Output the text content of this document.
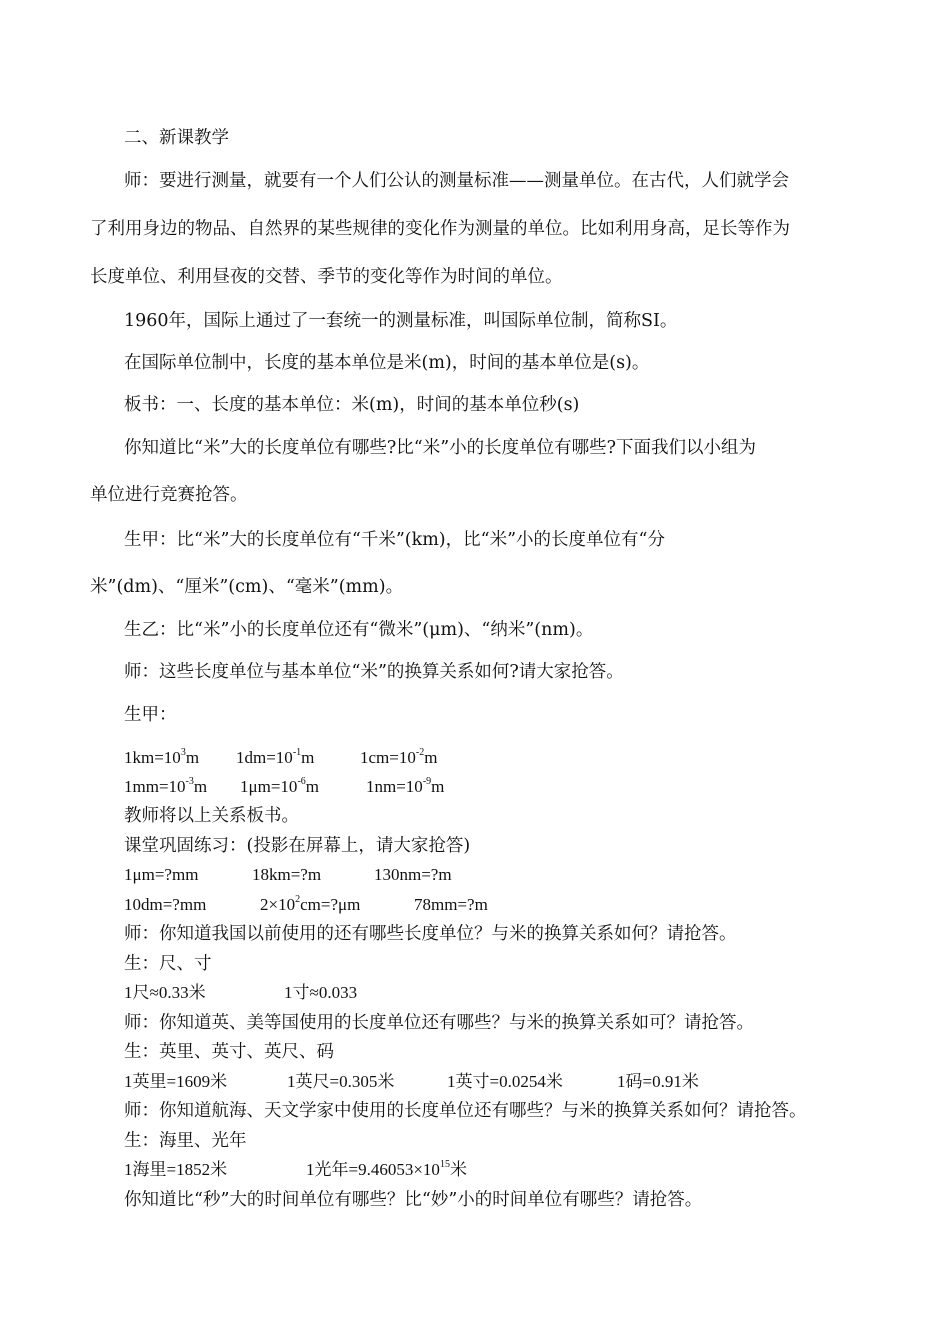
二、新课教学
师：要进行测量，就要有一个人们公认的测量标准——测量单位。在古代，人们就学会
了利用身边的物品、自然界的某些规律的变化作为测量的单位。比如利用身高，足长等作为
长度单位、利用昼夜的交替、季节的变化等作为时间的单位。
1960年，国际上通过了一套统一的测量标准，叫国际单位制，简称SI。
在国际单位制中，长度的基本单位是米(m)，时间的基本单位是(s)。
板书：一、长度的基本单位：米(m)，时间的基本单位秒(s)
你知道比“米”大的长度单位有哪些?比“米”小的长度单位有哪些?下面我们以小组为
单位进行竞赛抢答。
生甲：比“米”大的长度单位有“千米”(km)，比“米”小的长度单位有“分
米”(dm)、“厘米”(cm)、“毫米”(mm)。
生乙：比“米”小的长度单位还有“微米”(μm)、“纳米”(nm)。
师：这些长度单位与基本单位“米”的换算关系如何?请大家抢答。
生甲：
$1km=10^3m$ $1dm=10^{-1}m$	$1cm=10^{-2}m$
$1mm=10^{-3}m$ $1\mu m=10^{-6}m$	$1nm=10^{-9}m$
教师将以上关系板书。
课堂巩固练习：(投影在屏幕上，请大家抢答)
1μm=?mm	18km=?m	130nm=?m
10dm=?mm	$2\times 10^2cm=?\mu m$	78mm=?m
师：你知道我国以前使用的还有哪些长度单位？与米的换算关系如何？请抢答。
生：尺、寸
1尺≈0.33米	1寸≈0.033
师：你知道英、美等国使用的长度单位还有哪些？与米的换算关系如可？请抢答。
生：英里、英寸、英尺、码
1英里=1609米	1英尺=0.305米	1英寸=0.0254米	1码=0.91米
师：你知道航海、天文学家中使用的长度单位还有哪些？与米的换算关系如何？请抢答。
生：海里、光年
1海里=1852米	1光年$=9.46053\times 10^{15}$米
你知道比“秒”大的时间单位有哪些？比“妙”小的时间单位有哪些？请抢答。
